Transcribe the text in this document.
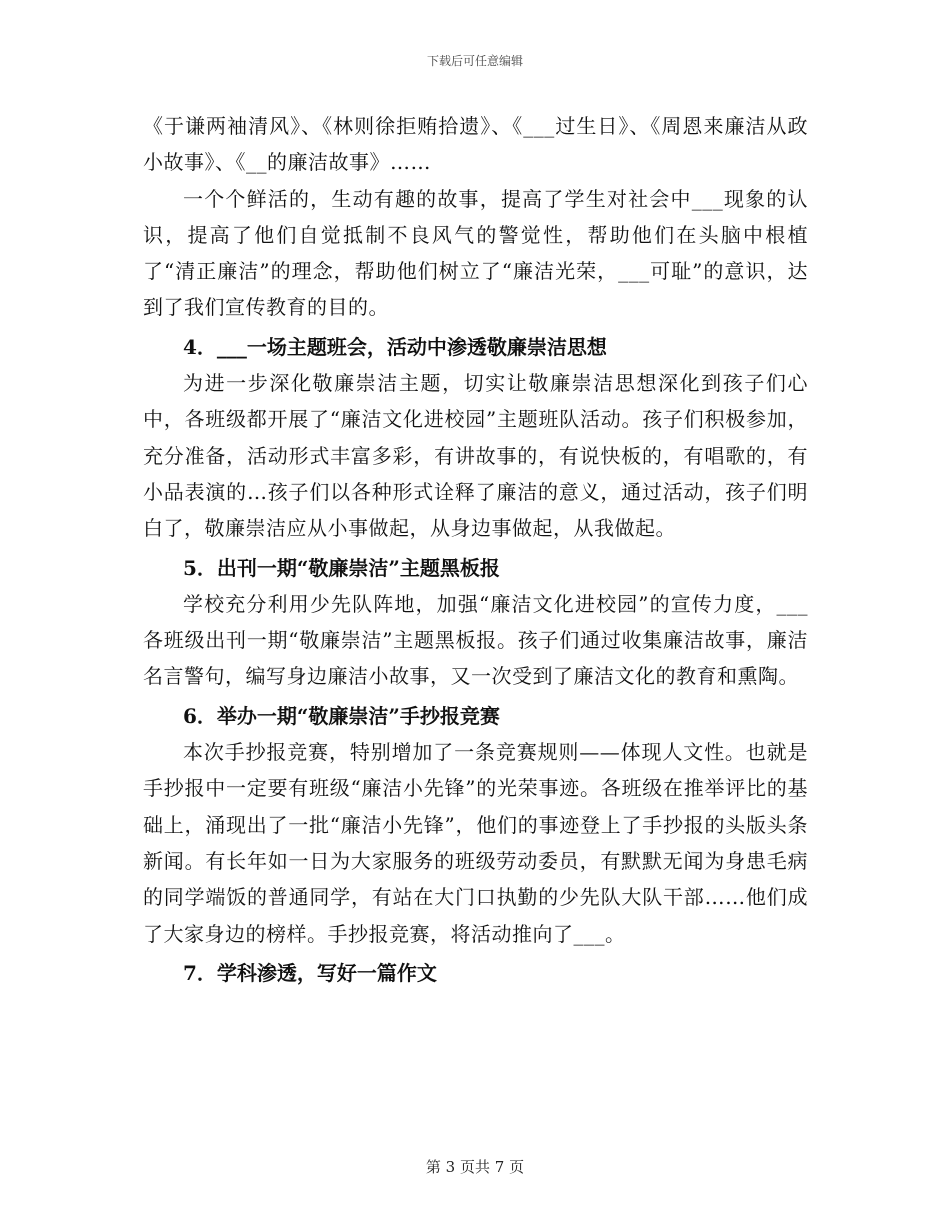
下载后可任意编辑

《于谦两袖清风》、《林则徐拒贿拾遗》、《___过生日》、《周恩来廉洁从政小故事》、《__的廉洁故事》……

一个个鲜活的，生动有趣的故事，提高了学生对社会中___现象的认识，提高了他们自觉抵制不良风气的警觉性，帮助他们在头脑中根植了“清正廉洁”的理念，帮助他们树立了“廉洁光荣，___可耻”的意识，达到了我们宣传教育的目的。

4．___一场主题班会，活动中渗透敬廉崇洁思想

为进一步深化敬廉崇洁主题，切实让敬廉崇洁思想深化到孩子们心中，各班级都开展了“廉洁文化进校园”主题班队活动。孩子们积极参加，充分准备，活动形式丰富多彩，有讲故事的，有说快板的，有唱歌的，有小品表演的…孩子们以各种形式诠释了廉洁的意义，通过活动，孩子们明白了，敬廉崇洁应从小事做起，从身边事做起，从我做起。

5．出刊一期“敬廉崇洁”主题黑板报

学校充分利用少先队阵地，加强“廉洁文化进校园”的宣传力度，___各班级出刊一期“敬廉崇洁”主题黑板报。孩子们通过收集廉洁故事，廉洁名言警句，编写身边廉洁小故事，又一次受到了廉洁文化的教育和熏陶。

6．举办一期“敬廉崇洁”手抄报竞赛

本次手抄报竞赛，特别增加了一条竞赛规则——体现人文性。也就是手抄报中一定要有班级“廉洁小先锋”的光荣事迹。各班级在推举评比的基础上，涌现出了一批“廉洁小先锋”，他们的事迹登上了手抄报的头版头条新闻。有长年如一日为大家服务的班级劳动委员，有默默无闻为身患毛病的同学端饭的普通同学，有站在大门口执勤的少先队大队干部……他们成了大家身边的榜样。手抄报竞赛，将活动推向了___。

7．学科渗透，写好一篇作文

第 3 页共 7 页
